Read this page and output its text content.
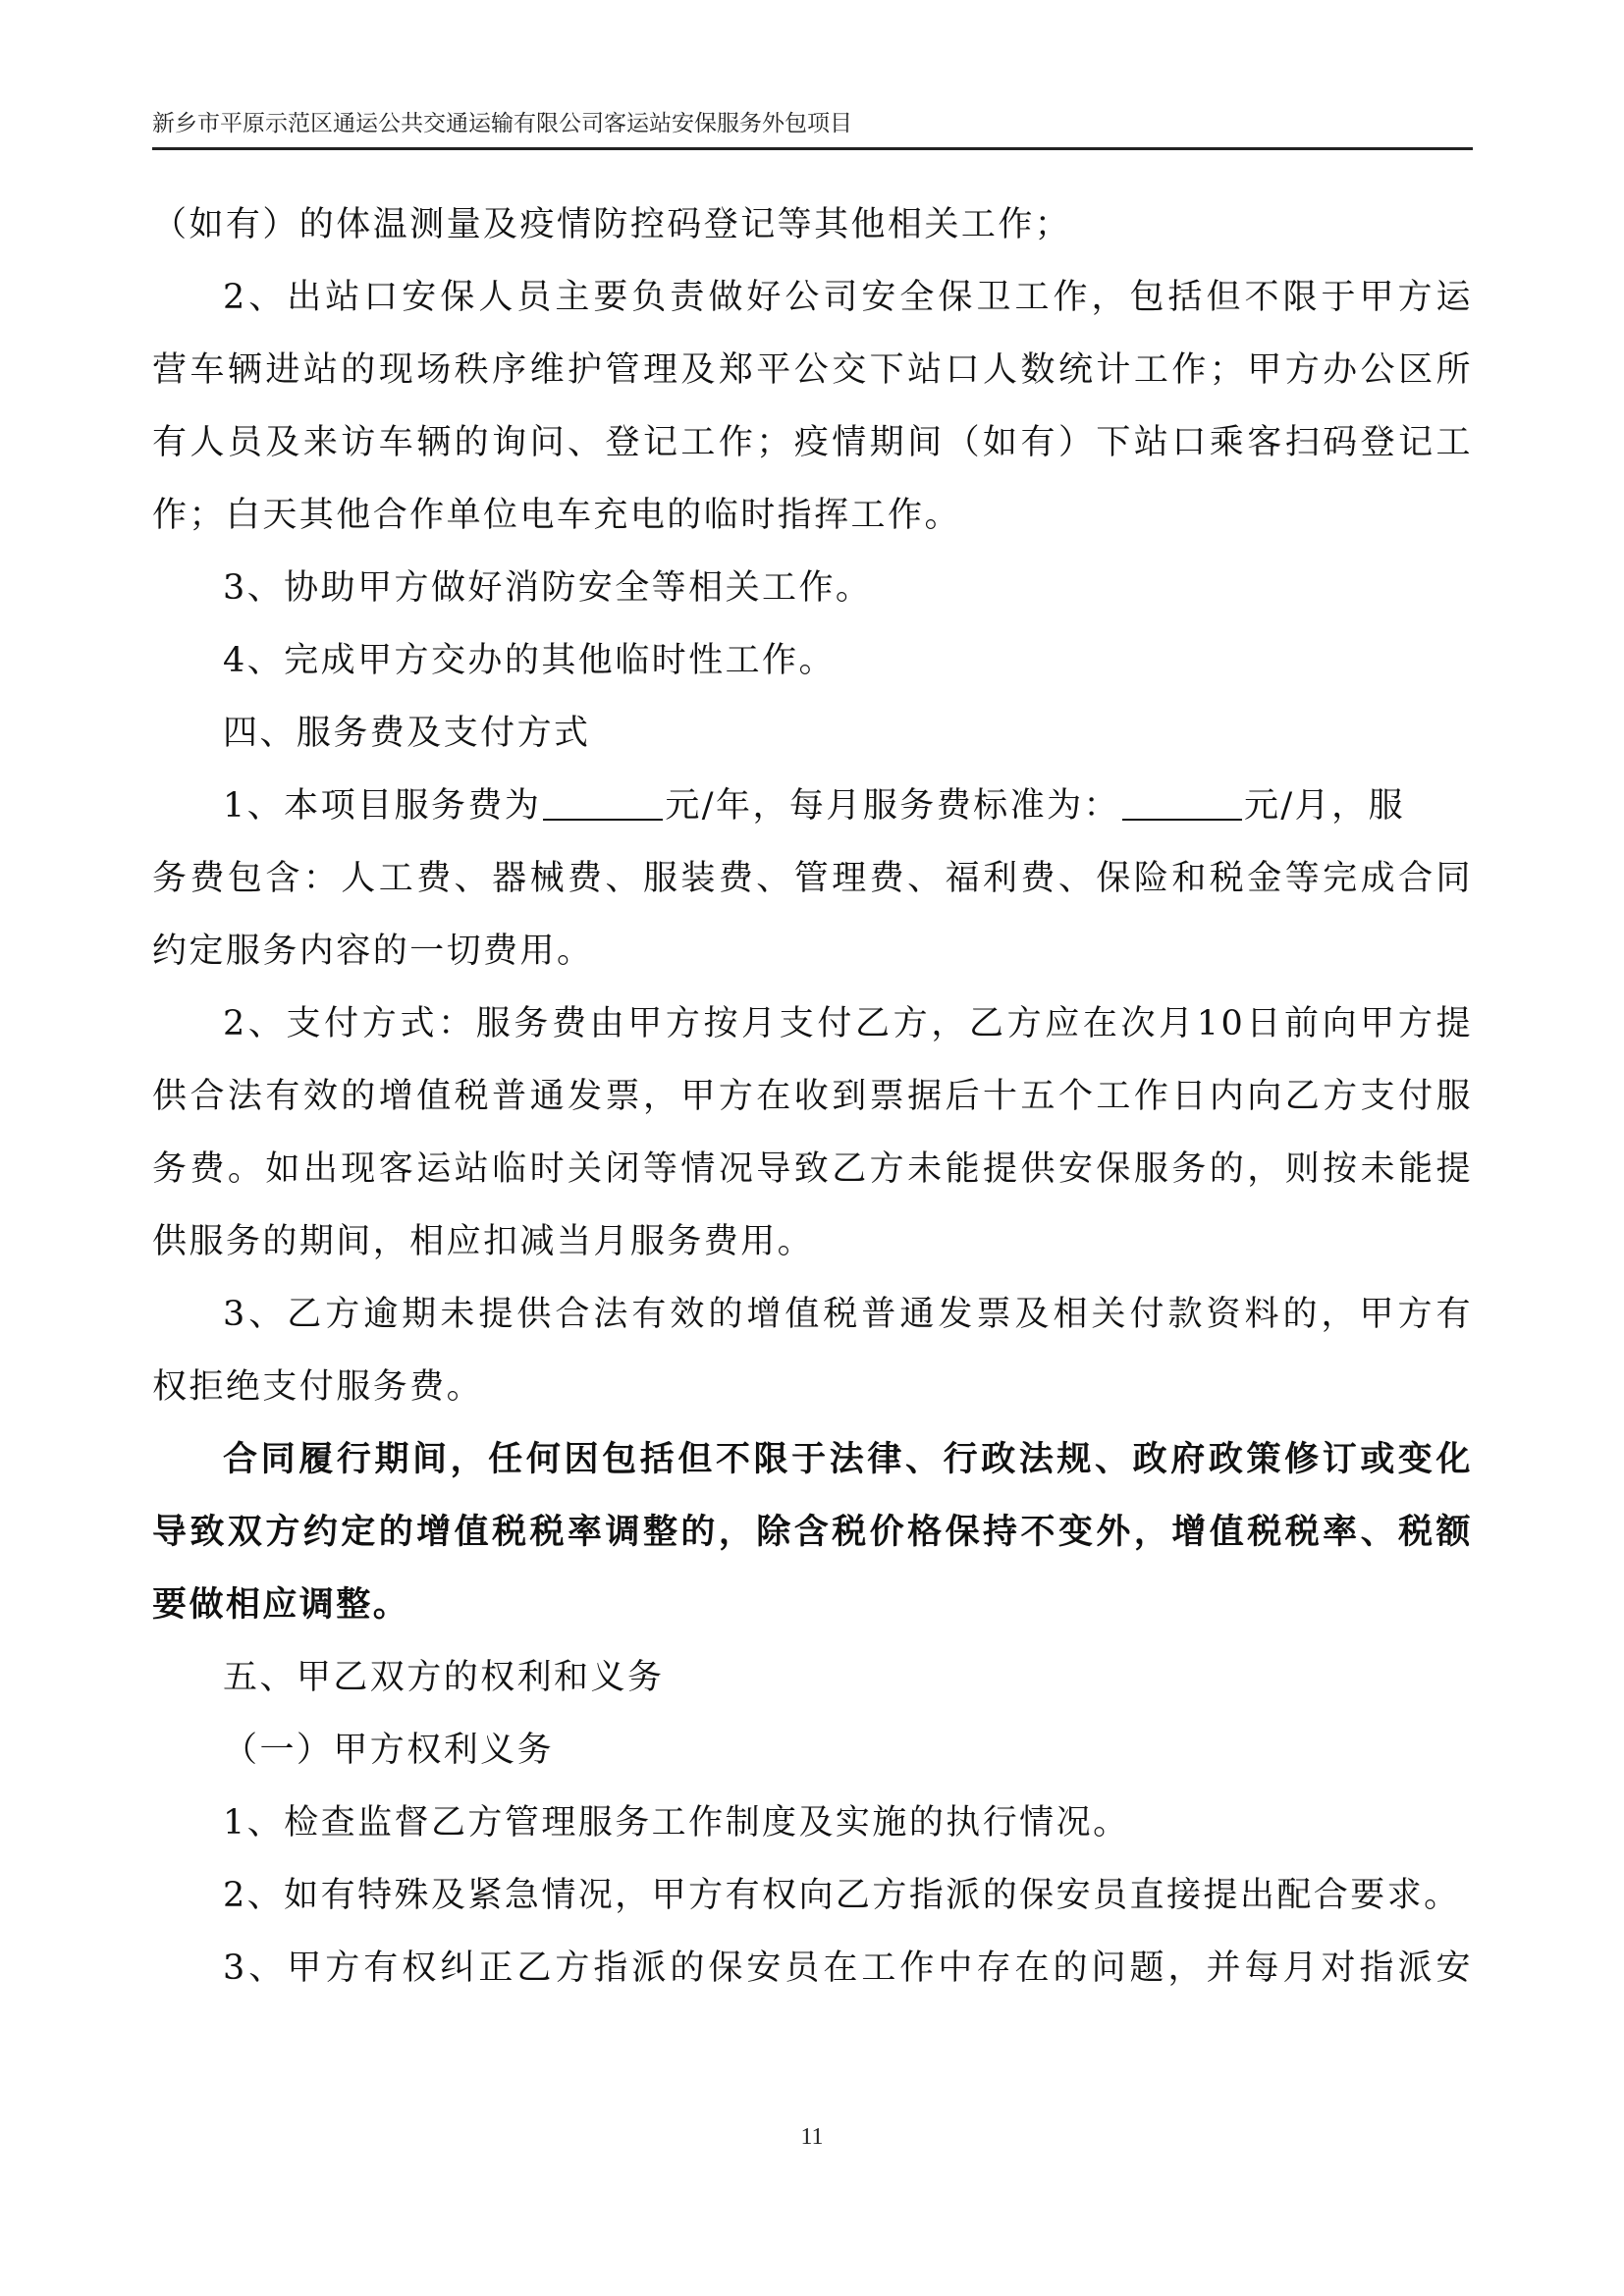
新乡市平原示范区通运公共交通运输有限公司客运站安保服务外包项目
（如有）的体温测量及疫情防控码登记等其他相关工作；
2、出站口安保人员主要负责做好公司安全保卫工作，包括但不限于甲方运
营车辆进站的现场秩序维护管理及郑平公交下站口人数统计工作；甲方办公区所
有人员及来访车辆的询问、登记工作；疫情期间（如有）下站口乘客扫码登记工
作；白天其他合作单位电车充电的临时指挥工作。
3、协助甲方做好消防安全等相关工作。
4、完成甲方交办的其他临时性工作。
四、服务费及支付方式
1、本项目服务费为	元/年，每月服务费标准为：	元/月，服
务费包含：人工费、器械费、服装费、管理费、福利费、保险和税金等完成合同
约定服务内容的一切费用。
2、支付方式：服务费由甲方按月支付乙方，乙方应在次月10日前向甲方提
供合法有效的增值税普通发票，甲方在收到票据后十五个工作日内向乙方支付服
务费。如出现客运站临时关闭等情况导致乙方未能提供安保服务的，则按未能提
供服务的期间，相应扣减当月服务费用。
3、乙方逾期未提供合法有效的增值税普通发票及相关付款资料的，甲方有
权拒绝支付服务费。
合同履行期间，任何因包括但不限于法律、行政法规、政府政策修订或变化
导致双方约定的增值税税率调整的，除含税价格保持不变外，增值税税率、税额
要做相应调整。
五、甲乙双方的权利和义务
（一）甲方权利义务
1、检查监督乙方管理服务工作制度及实施的执行情况。
2、如有特殊及紧急情况，甲方有权向乙方指派的保安员直接提出配合要求。
3、甲方有权纠正乙方指派的保安员在工作中存在的问题，并每月对指派安
11
